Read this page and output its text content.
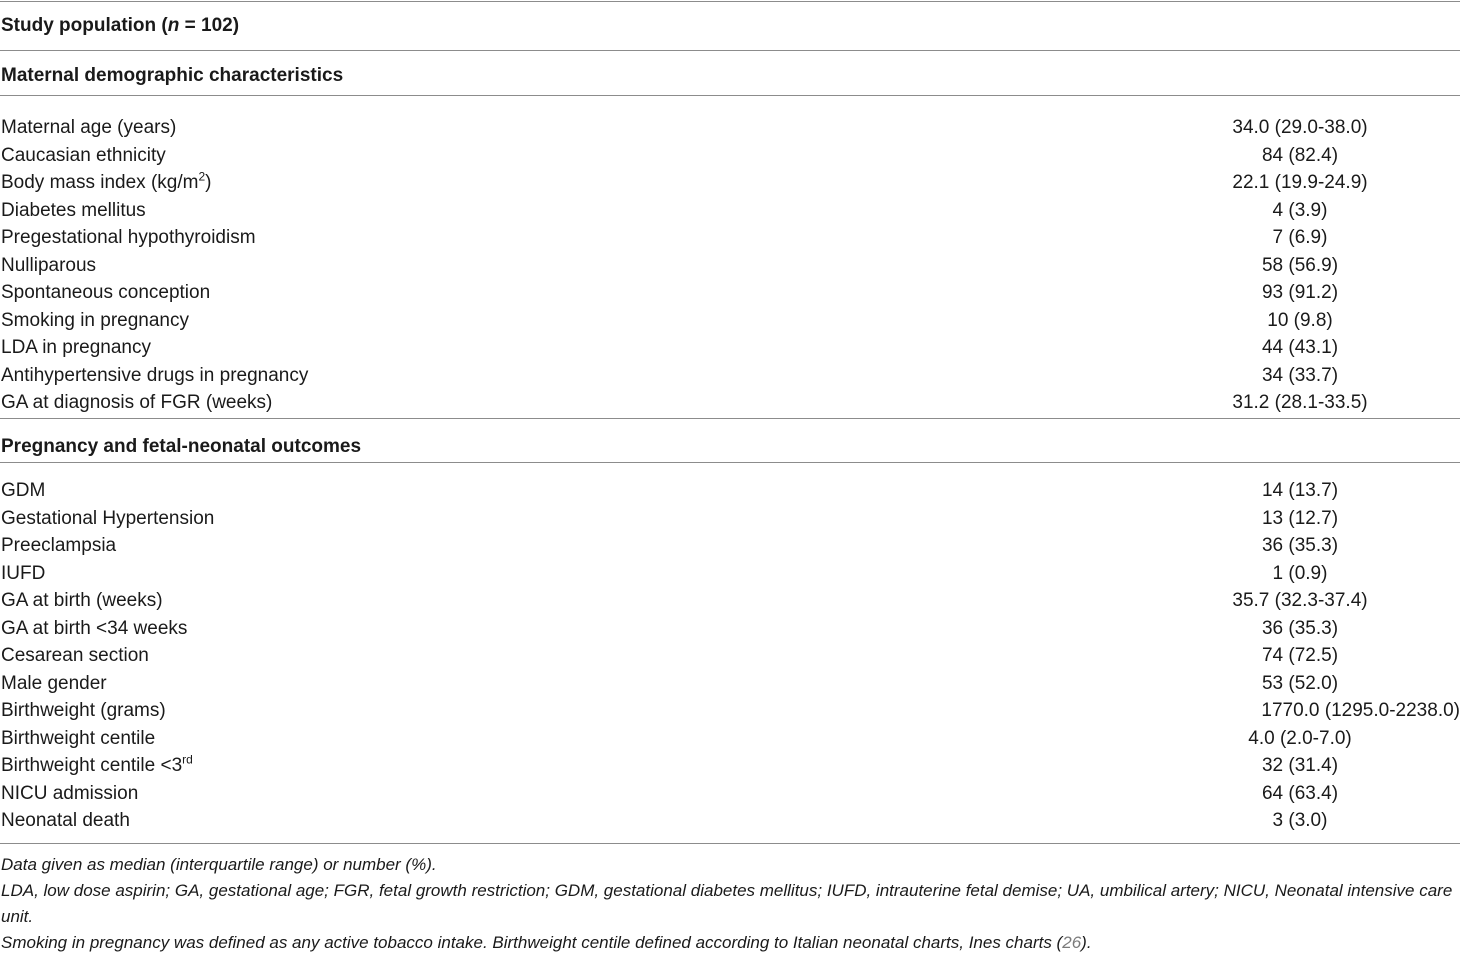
Study population (n = 102)
Maternal demographic characteristics
Maternal age (years)	34.0 (29.0-38.0)
Caucasian ethnicity	84 (82.4)
Body mass index $(kg/m^2)$	22.1 (19.9-24.9)
Diabetes mellitus	4 (3.9)
Pregestational hypothyroidism	7 (6.9)
Nulliparous	58 (56.9)
Spontaneous conception	93 (91.2)
Smoking in pregnancy	10 (9.8)
LDA in pregnancy	44 (43.1)
Antihypertensive drugs in pregnancy	34 (33.7)
GA at diagnosis of FGR (weeks)	31.2 (28.1-33.5)
Pregnancy and fetal-neonatal outcomes
GDM	14 (13.7)
Gestational Hypertension	13 (12.7)
Preeclampsia	36 (35.3)
IUFD	1 (0.9)
GA at birth (weeks)	35.7 (32.3-37.4)
GA at birth <34 weeks	36 (35.3)
Cesarean section	74 (72.5)
Male gender	53 (52.0)
Birthweight (grams)	1770.0 (1295.0-2238.0)
Birthweight centile	4.0 (2.0-7.0)
Birthweight centile <3rd	32 (31.4)
NICU admission	64 (63.4)
Neonatal death	3 (3.0)
Data given as median (interquartile range) or number (%).
LDA, low dose aspirin; GA, gestational age; FGR, fetal growth restriction; GDM, gestational diabetes mellitus; IUFD, intrauterine fetal demise; UA, umbilical artery; NICU, Neonatal intensive care unit.
Smoking in pregnancy was defined as any active tobacco intake. Birthweight centile defined according to Italian neonatal charts, Ines charts (26).
